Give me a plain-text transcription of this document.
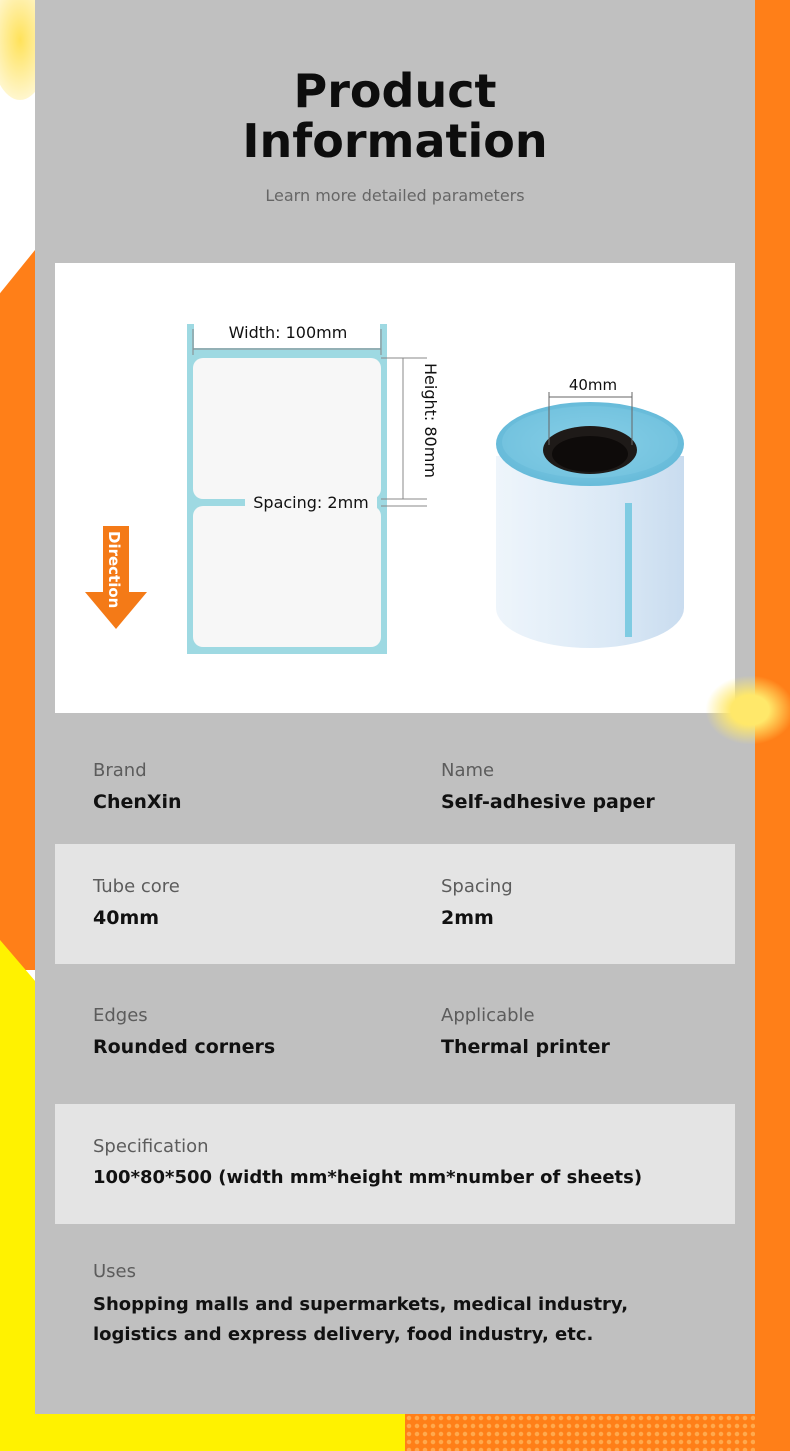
Product
Information
Learn more detailed parameters
Width: 100mm
Height: 80mm
Spacing: 2mm
Direction
40mm
Brand
ChenXin
Name
Self-adhesive paper
Tube core
40mm
Spacing
2mm
Edges
Rounded corners
Applicable
Thermal printer
Specification
100*80*500 (width mm*height mm*number of sheets)
Uses
Shopping malls and supermarkets, medical industry, logistics and express delivery, food industry, etc.
